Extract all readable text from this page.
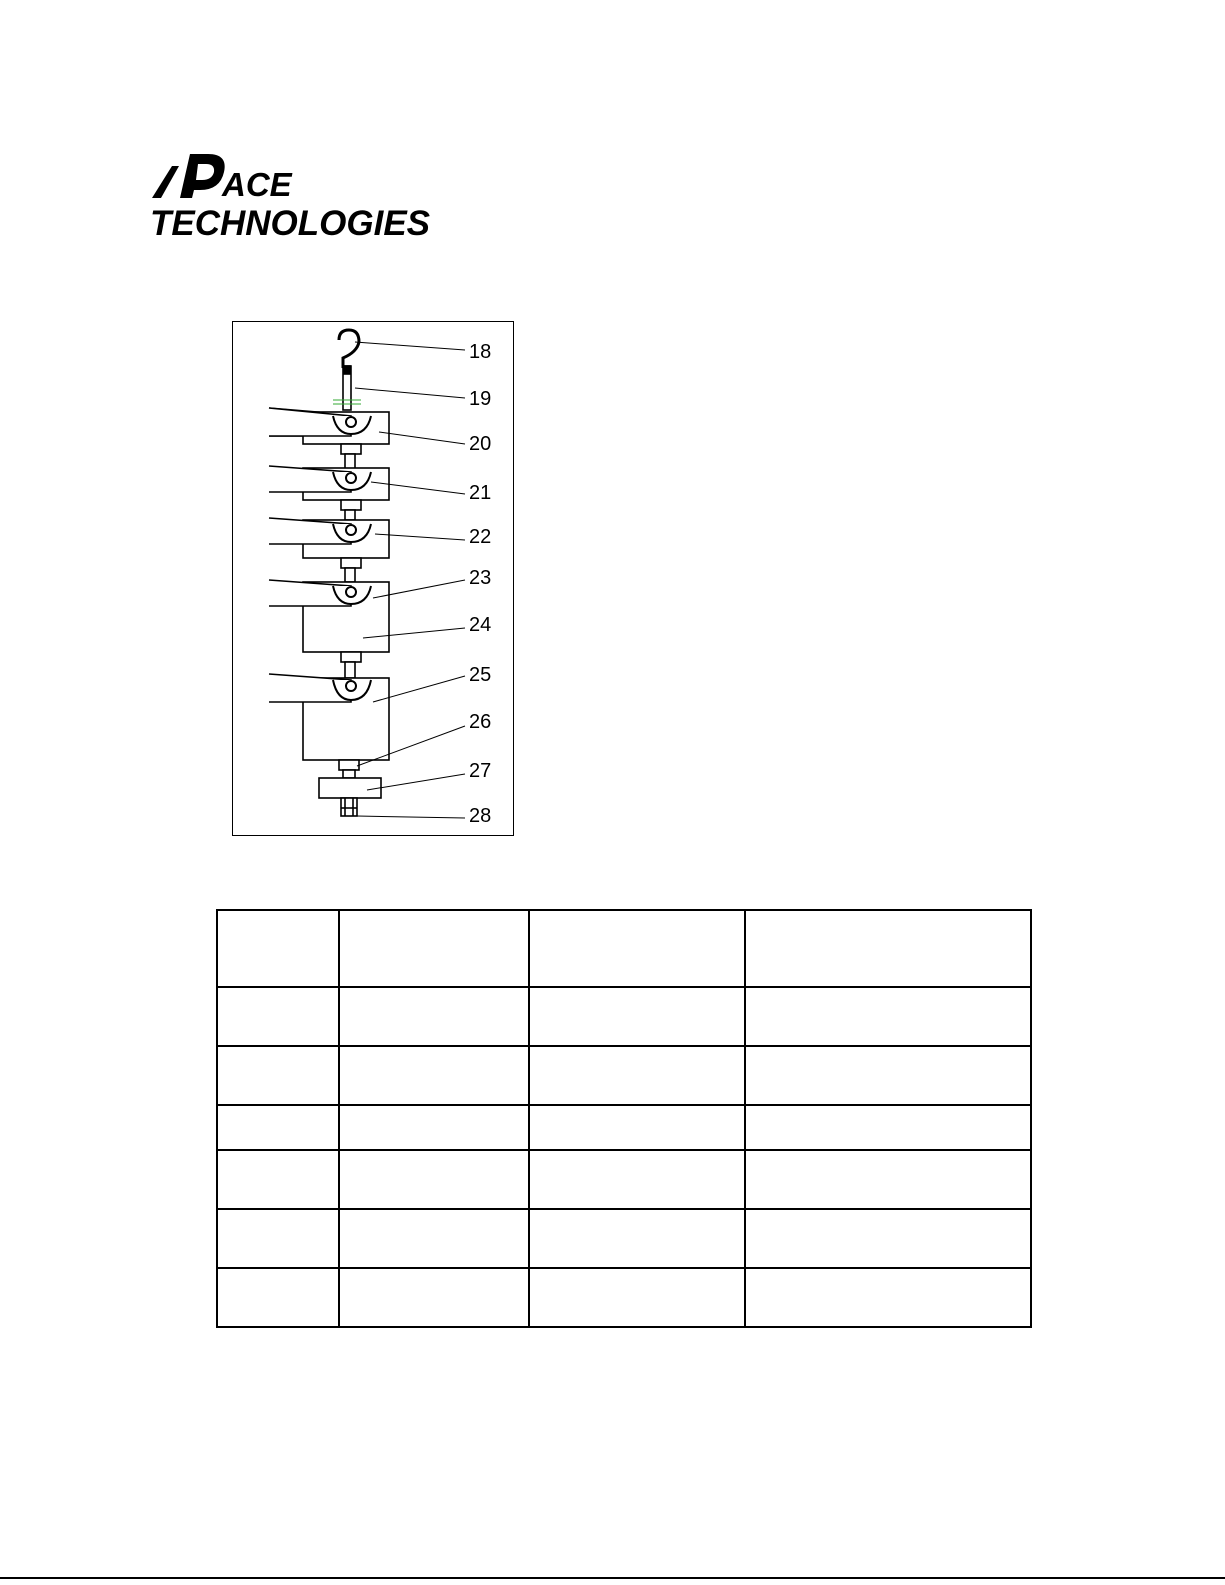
ACE
TECHNOLOGIES
18
19
20
21
22
23
24
25
26
27
28
